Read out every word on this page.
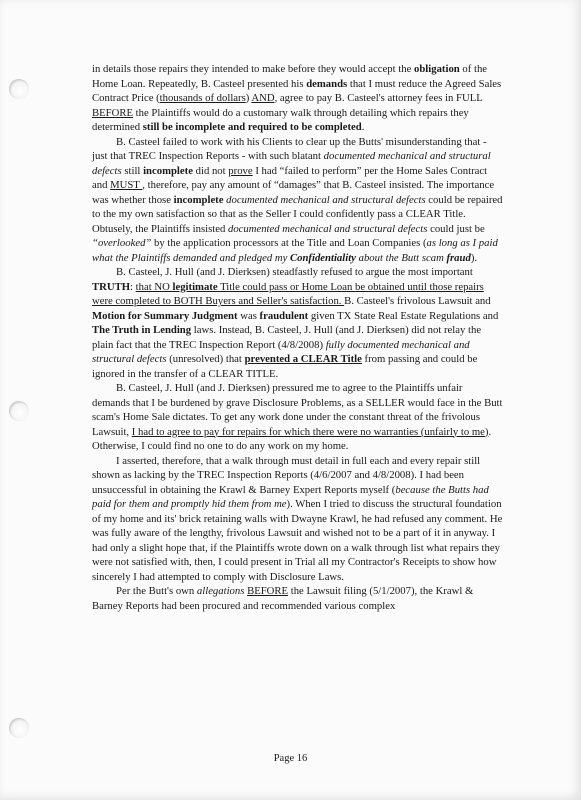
in details those repairs they intended to make before they would accept the obligation of the Home Loan. Repeatedly, B. Casteel presented his demands that I must reduce the Agreed Sales Contract Price (thousands of dollars) AND, agree to pay B. Casteel's attorney fees in FULL BEFORE the Plaintiffs would do a customary walk through detailing which repairs they determined still be incomplete and required to be completed.

B. Casteel failed to work with his Clients to clear up the Butts' misunderstanding that - just that TREC Inspection Reports - with such blatant documented mechanical and structural defects still incomplete did not prove I had “failed to perform” per the Home Sales Contract and MUST , therefore, pay any amount of “damages” that B. Casteel insisted. The importance was whether those incomplete documented mechanical and structural defects could be repaired to the my own satisfaction so that as the Seller I could confidently pass a CLEAR Title. Obtusely, the Plaintiffs insisted documented mechanical and structural defects could just be “overlooked” by the application processors at the Title and Loan Companies (as long as I paid what the Plaintiffs demanded and pledged my Confidentiality about the Butt scam fraud).

B. Casteel, J. Hull (and J. Dierksen) steadfastly refused to argue the most important TRUTH: that NO legitimate Title could pass or Home Loan be obtained until those repairs were completed to BOTH Buyers and Seller's satisfaction. B. Casteel's frivolous Lawsuit and Motion for Summary Judgment was fraudulent given TX State Real Estate Regulations and The Truth in Lending laws. Instead, B. Casteel, J. Hull (and J. Dierksen) did not relay the plain fact that the TREC Inspection Report (4/8/2008) fully documented mechanical and structural defects (unresolved) that prevented a CLEAR Title from passing and could be ignored in the transfer of a CLEAR TITLE.

B. Casteel, J. Hull (and J. Dierksen) pressured me to agree to the Plaintiffs unfair demands that I be burdened by grave Disclosure Problems, as a SELLER would face in the Butt scam's Home Sale dictates. To get any work done under the constant threat of the frivolous Lawsuit, I had to agree to pay for repairs for which there were no warranties (unfairly to me). Otherwise, I could find no one to do any work on my home.

I asserted, therefore, that a walk through must detail in full each and every repair still shown as lacking by the TREC Inspection Reports (4/6/2007 and 4/8/2008). I had been unsuccessful in obtaining the Krawl & Barney Expert Reports myself (because the Butts had paid for them and promptly hid them from me). When I tried to discuss the structural foundation of my home and its' brick retaining walls with Dwayne Krawl, he had refused any comment. He was fully aware of the lengthy, frivolous Lawsuit and wished not to be a part of it in anyway. I had only a slight hope that, if the Plaintiffs wrote down on a walk through list what repairs they were not satisfied with, then, I could present in Trial all my Contractor's Receipts to show how sincerely I had attempted to comply with Disclosure Laws.

Per the Butt's own allegations BEFORE the Lawsuit filing (5/1/2007), the Krawl & Barney Reports had been procured and recommended various complex

Page 16
